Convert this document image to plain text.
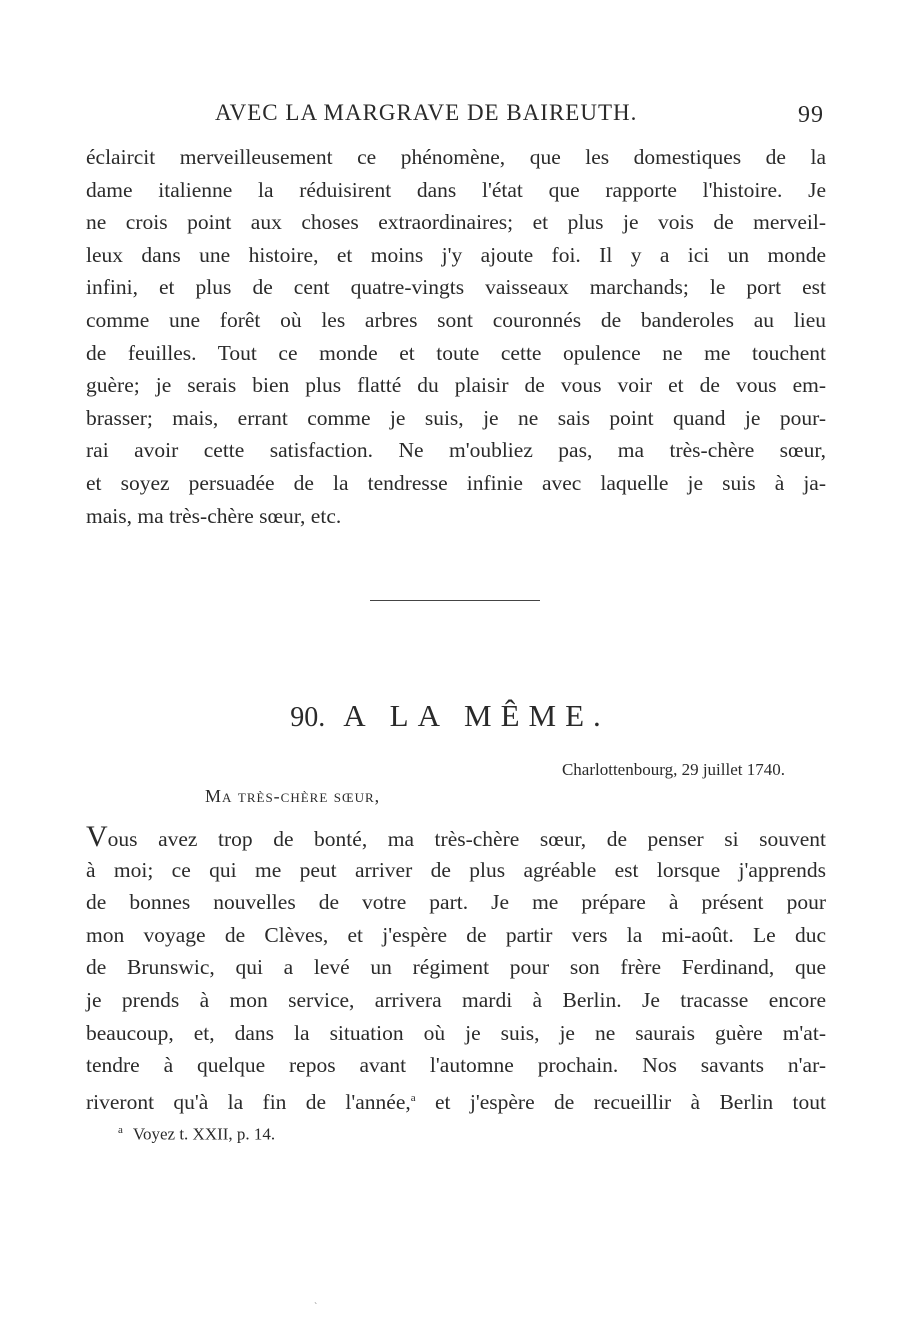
AVEC LA MARGRAVE DE BAIREUTH.	99
éclaircit merveilleusement ce phénomène, que les domestiques de la
dame italienne la réduisirent dans l'état que rapporte l'histoire. Je
ne crois point aux choses extraordinaires; et plus je vois de merveil-
leux dans une histoire, et moins j'y ajoute foi. Il y a ici un monde
infini, et plus de cent quatre-vingts vaisseaux marchands; le port est
comme une forêt où les arbres sont couronnés de banderoles au lieu
de feuilles. Tout ce monde et toute cette opulence ne me touchent
guère; je serais bien plus flatté du plaisir de vous voir et de vous em-
brasser; mais, errant comme je suis, je ne sais point quand je pour-
rai avoir cette satisfaction. Ne m'oubliez pas, ma très-chère sœur,
et soyez persuadée de la tendresse infinie avec laquelle je suis à ja-
mais, ma très-chère sœur, etc.
90. A LA MÊME.
Charlottenbourg, 29 juillet 1740.
Ma très-chère sœur,
Vous avez trop de bonté, ma très-chère sœur, de penser si souvent
à moi; ce qui me peut arriver de plus agréable est lorsque j'apprends
de bonnes nouvelles de votre part. Je me prépare à présent pour
mon voyage de Clèves, et j'espère de partir vers la mi-août. Le duc
de Brunswic, qui a levé un régiment pour son frère Ferdinand, que
je prends à mon service, arrivera mardi à Berlin. Je tracasse encore
beaucoup, et, dans la situation où je suis, je ne saurais guère m'at-
tendre à quelque repos avant l'automne prochain. Nos savants n'ar-
riveront qu'à la fin de l'année,$^a$ et j'espère de recueillir à Berlin tout
$^a$ Voyez t. XXII, p. 14.
ˋ
